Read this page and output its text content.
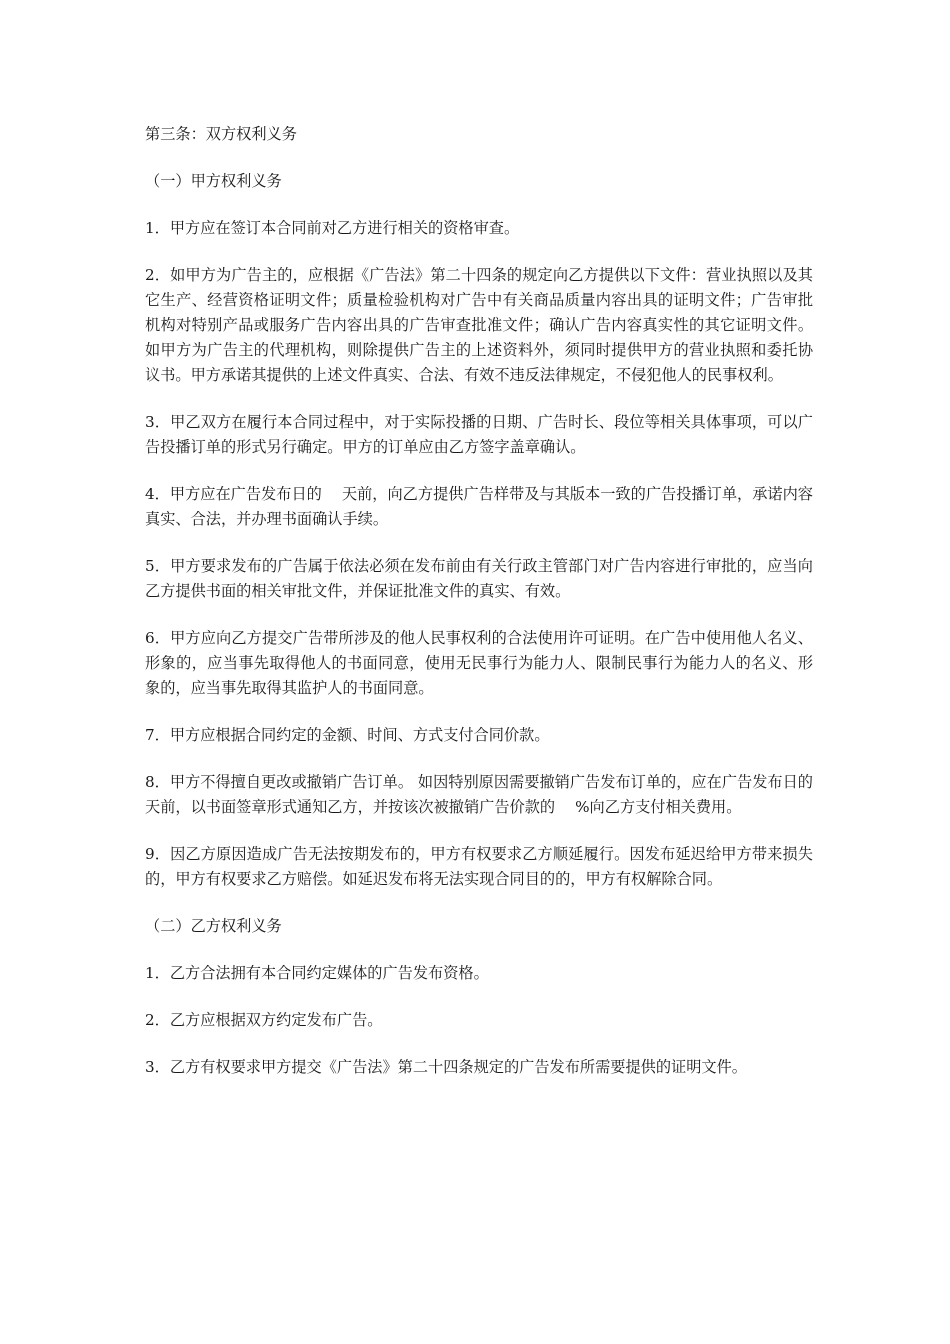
第三条：双方权利义务

（一）甲方权利义务

1．甲方应在签订本合同前对乙方进行相关的资格审查。

2．如甲方为广告主的，应根据《广告法》第二十四条的规定向乙方提供以下文件：营业执照以及其它生产、经营资格证明文件；质量检验机构对广告中有关商品质量内容出具的证明文件；广告审批机构对特别产品或服务广告内容出具的广告审查批准文件；确认广告内容真实性的其它证明文件。如甲方为广告主的代理机构，则除提供广告主的上述资料外，须同时提供甲方的营业执照和委托协议书。甲方承诺其提供的上述文件真实、合法、有效不违反法律规定，不侵犯他人的民事权利。

3．甲乙双方在履行本合同过程中，对于实际投播的日期、广告时长、段位等相关具体事项，可以广告投播订单的形式另行确定。甲方的订单应由乙方签字盖章确认。

4．甲方应在广告发布日的　 天前，向乙方提供广告样带及与其版本一致的广告投播订单，承诺内容真实、合法，并办理书面确认手续。

5．甲方要求发布的广告属于依法必须在发布前由有关行政主管部门对广告内容进行审批的，应当向乙方提供书面的相关审批文件，并保证批准文件的真实、有效。

6．甲方应向乙方提交广告带所涉及的他人民事权利的合法使用许可证明。在广告中使用他人名义、形象的，应当事先取得他人的书面同意，使用无民事行为能力人、限制民事行为能力人的名义、形象的，应当事先取得其监护人的书面同意。

7．甲方应根据合同约定的金额、时间、方式支付合同价款。

8．甲方不得擅自更改或撤销广告订单。 如因特别原因需要撤销广告发布订单的，应在广告发布日的　　天前，以书面签章形式通知乙方，并按该次被撤销广告价款的　 %向乙方支付相关费用。

9．因乙方原因造成广告无法按期发布的，甲方有权要求乙方顺延履行。因发布延迟给甲方带来损失的，甲方有权要求乙方赔偿。如延迟发布将无法实现合同目的的，甲方有权解除合同。

（二）乙方权利义务

1．乙方合法拥有本合同约定媒体的广告发布资格。

2．乙方应根据双方约定发布广告。

3．乙方有权要求甲方提交《广告法》第二十四条规定的广告发布所需要提供的证明文件。
